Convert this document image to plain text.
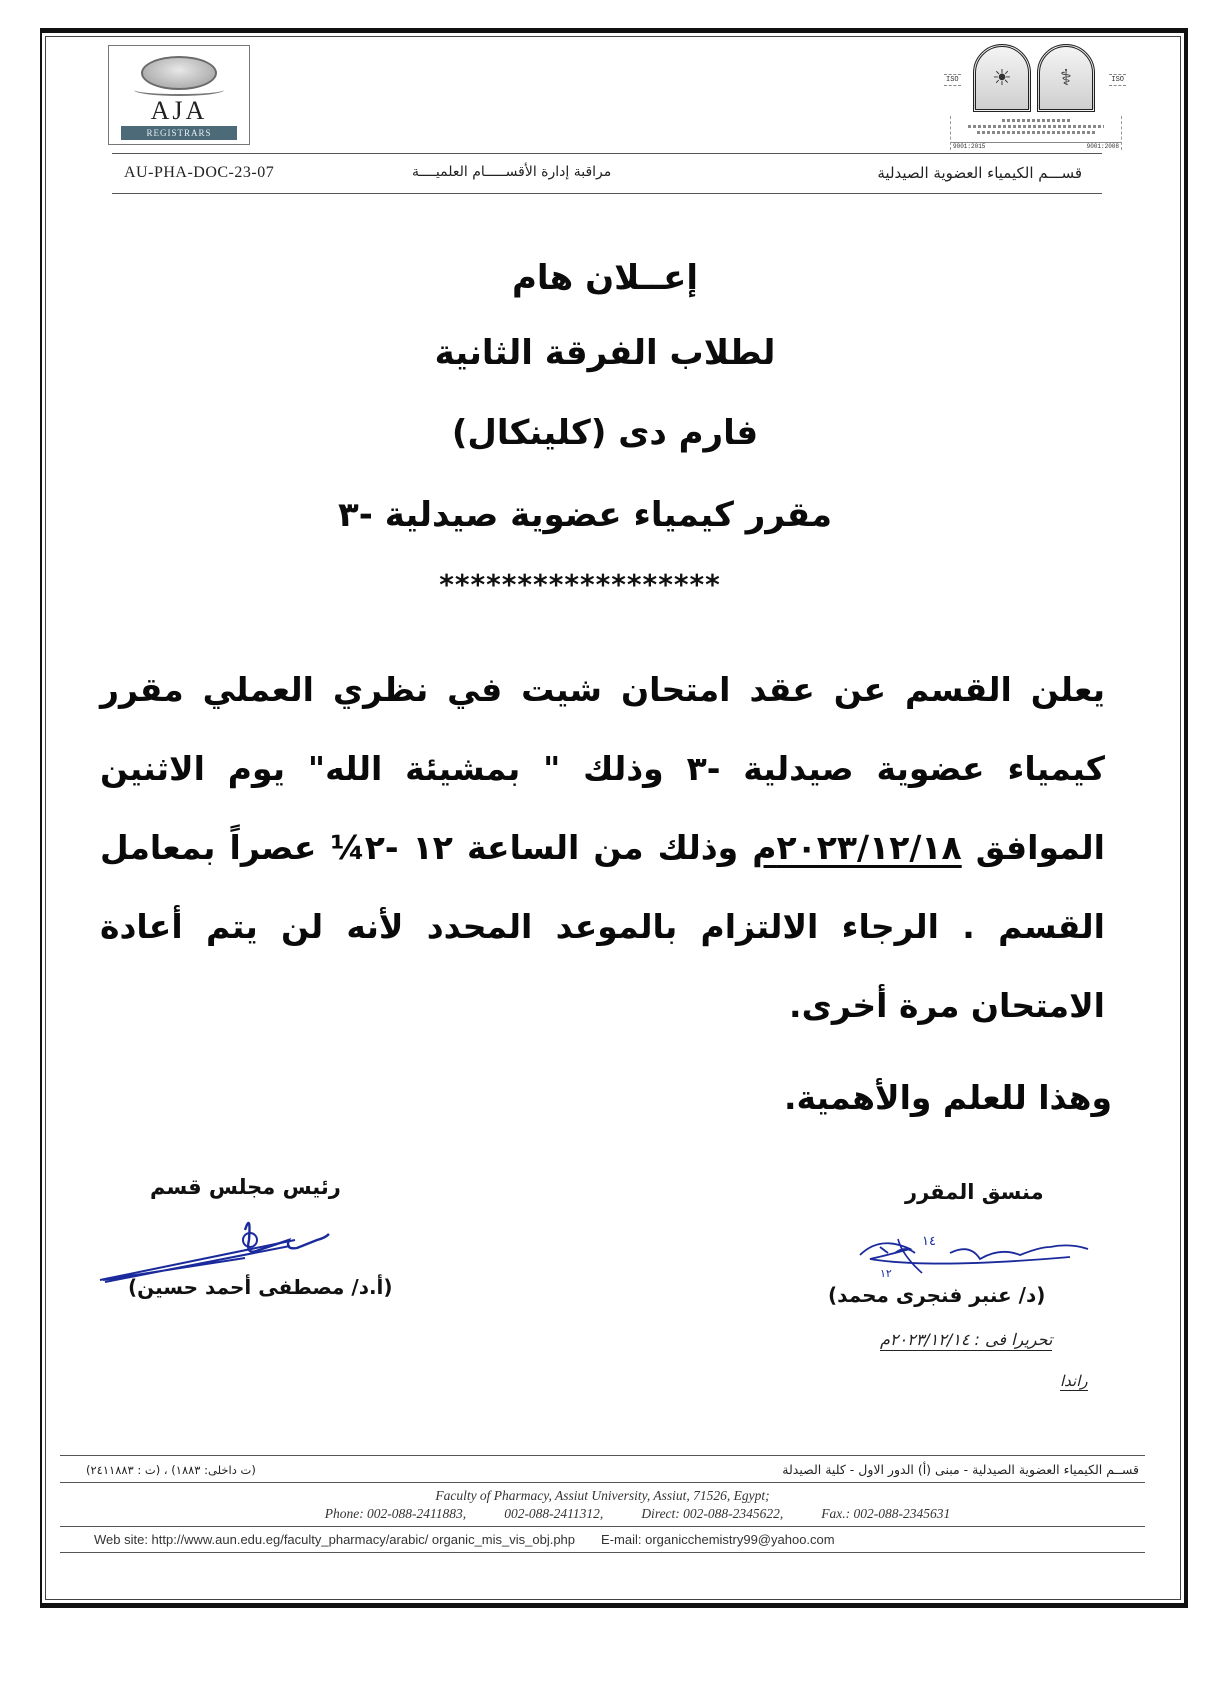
AJA
REGISTRARS
ISO ☀ ⚕	ISO
9001:2015	9001:2008
AU-PHA-DOC-23-07	مراقبة إدارة الأقســـــام العلميــــة	قســـم الكيمياء العضوية الصيدلية
إعــلان هام
لطلاب الفرقة الثانية
فارم دى (كلينكال)
مقرر كيمياء عضوية صيدلية -٣
******************
يعلن القسم عن عقد امتحان شيت في نظري العملي مقرر
كيمياء عضوية صيدلية -٣ وذلك " بمشيئة الله" يوم الاثنين
الموافق ٢٠٢٣/١٢/١٨م وذلك من الساعة ١٢ -٢¼ عصراً بمعامل
القسم . الرجاء الالتزام بالموعد المحدد لأنه لن يتم أعادة
الامتحان مرة أخرى.
وهذا للعلم والأهمية.
رئيس مجلس قسم
(أ.د/ مصطفى أحمد حسين)
منسق المقرر
١٤
١٢
(د/ عنبر فنجرى محمد)
تحريرا فى : ٢٠٢٣/١٢/١٤م
راندا
قســم الكيمياء العضوية الصيدلية - مبنى (أ) الدور الاول - كلية الصيدلة
(ت داخلى: ١٨٨٣) ، (ت : ٢٤١١٨٨٣)
Faculty of Pharmacy, Assiut University, Assiut, 71526, Egypt;
Phone: 002-088-2411883,	002-088-2411312,	Direct: 002-088-2345622,	Fax.: 002-088-2345631
Web site: http://www.aun.edu.eg/faculty_pharmacy/arabic/ organic_mis_vis_obj.php E-mail: organicchemistry99@yahoo.com
